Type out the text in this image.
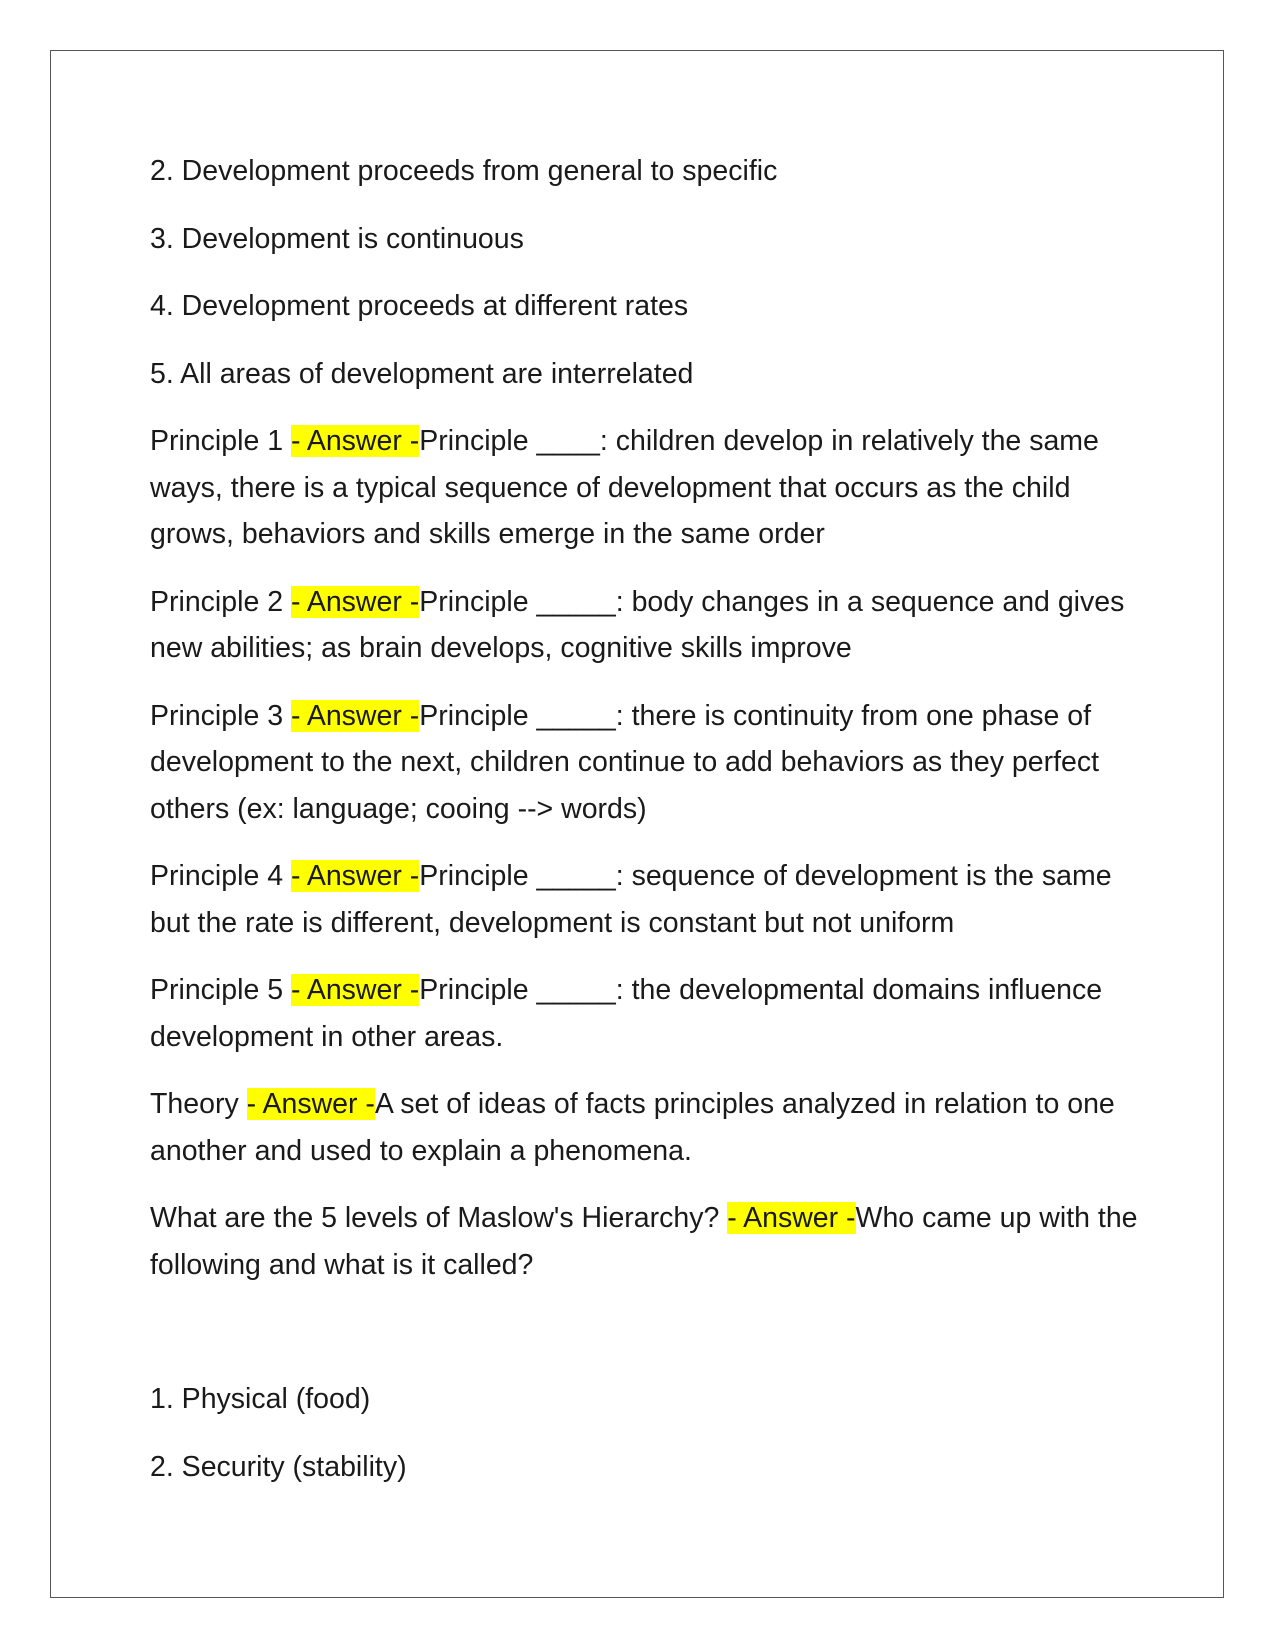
2. Development proceeds from general to specific

3. Development is continuous

4. Development proceeds at different rates

5. All areas of development are interrelated

Principle 1 - Answer -Principle ____: children develop in relatively the same ways, there is a typical sequence of development that occurs as the child grows, behaviors and skills emerge in the same order

Principle 2 - Answer -Principle _____: body changes in a sequence and gives new abilities; as brain develops, cognitive skills improve

Principle 3 - Answer -Principle _____: there is continuity from one phase of development to the next, children continue to add behaviors as they perfect others (ex: language; cooing --> words)

Principle 4 - Answer -Principle _____: sequence of development is the same but the rate is different, development is constant but not uniform

Principle 5 - Answer -Principle _____: the developmental domains influence development in other areas.

Theory - Answer -A set of ideas of facts principles analyzed in relation to one another and used to explain a phenomena.

What are the 5 levels of Maslow's Hierarchy? - Answer -Who came up with the following and what is it called?

1. Physical (food)

2. Security (stability)
